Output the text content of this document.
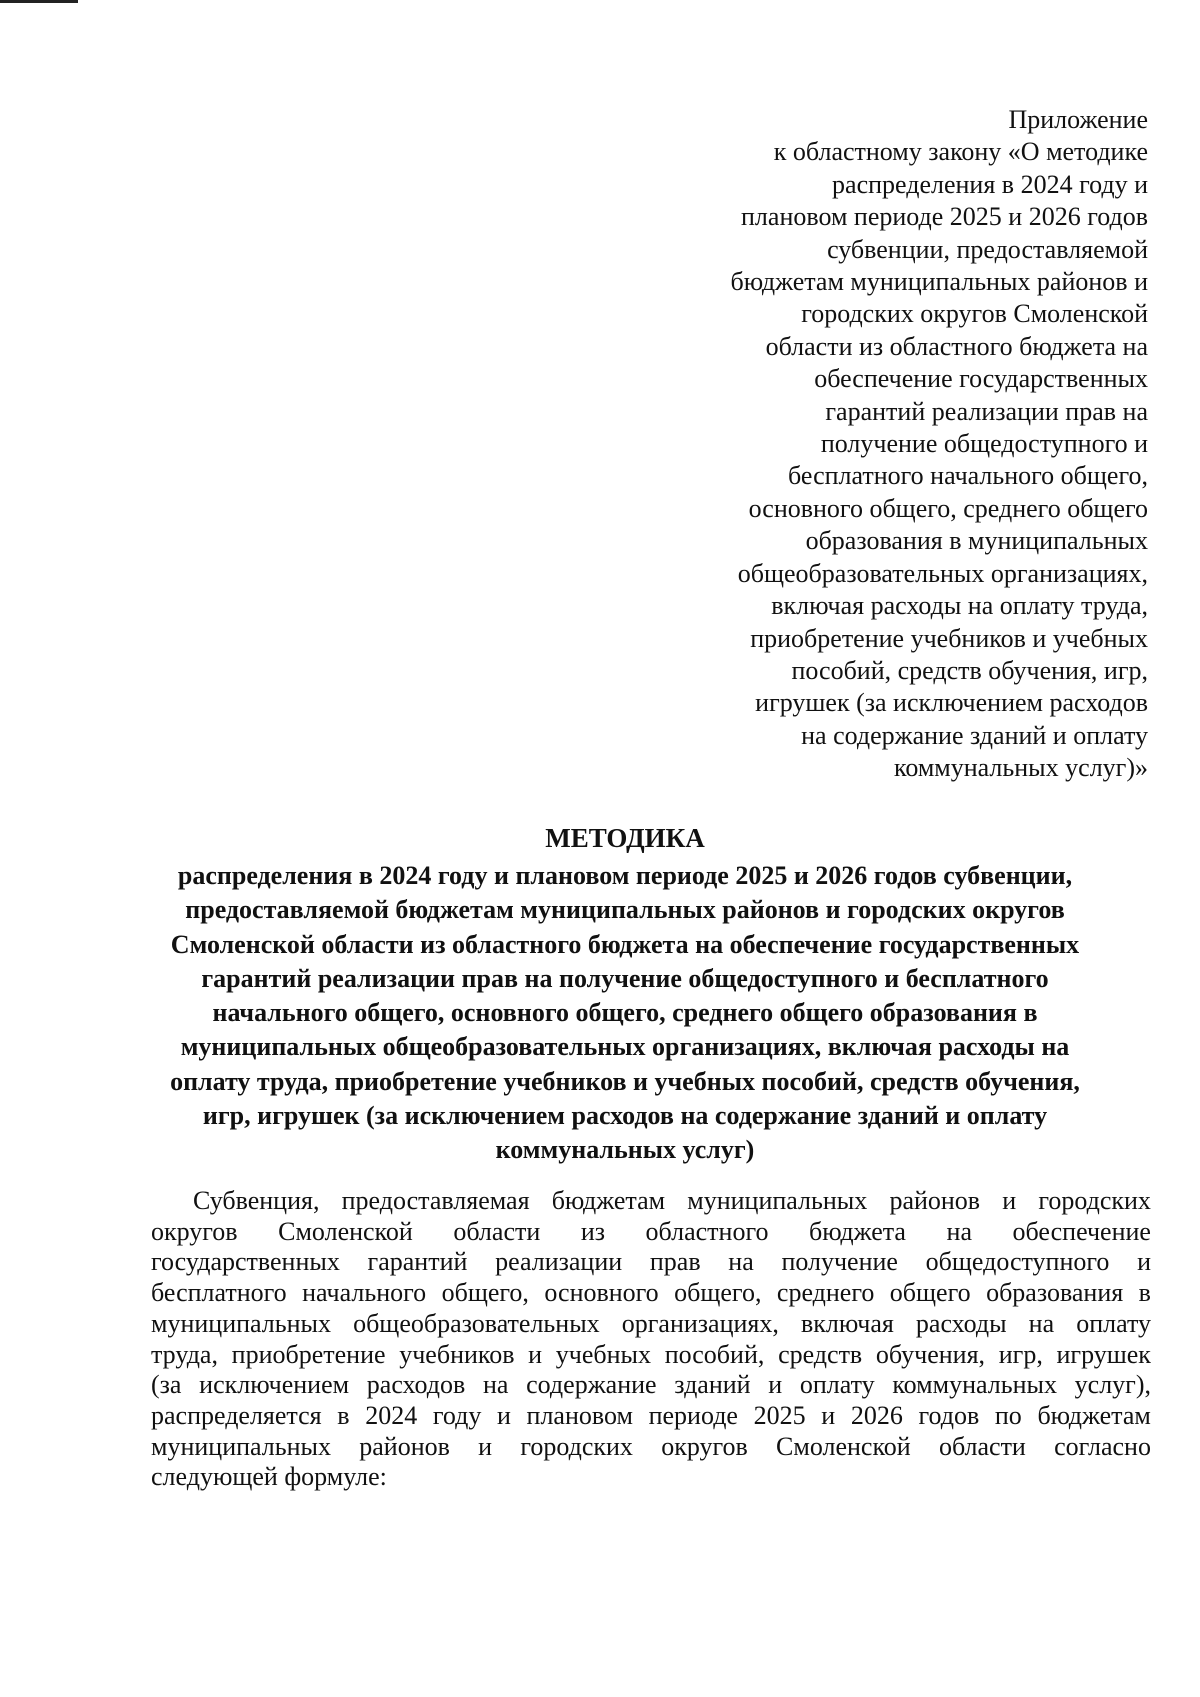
Приложение
к областному закону «О методике
распределения в 2024 году и
плановом периоде 2025 и 2026 годов
субвенции, предоставляемой
бюджетам муниципальных районов и
городских округов Смоленской
области из областного бюджета на
обеспечение государственных
гарантий реализации прав на
получение общедоступного и
бесплатного начального общего,
основного общего, среднего общего
образования в муниципальных
общеобразовательных организациях,
включая расходы на оплату труда,
приобретение учебников и учебных
пособий, средств обучения, игр,
игрушек (за исключением расходов
на содержание зданий и оплату
коммунальных услуг)»
МЕТОДИКА
распределения в 2024 году и плановом периоде 2025 и 2026 годов субвенции,
предоставляемой бюджетам муниципальных районов и городских округов
Смоленской области из областного бюджета на обеспечение государственных
гарантий реализации прав на получение общедоступного и бесплатного
начального общего, основного общего, среднего общего образования в
муниципальных общеобразовательных организациях, включая расходы на
оплату труда, приобретение учебников и учебных пособий, средств обучения,
игр, игрушек (за исключением расходов на содержание зданий и оплату
коммунальных услуг)
Субвенция, предоставляемая бюджетам муниципальных районов и городских
округов Смоленской области из областного бюджета на обеспечение
государственных гарантий реализации прав на получение общедоступного и
бесплатного начального общего, основного общего, среднего общего образования в
муниципальных общеобразовательных организациях, включая расходы на оплату
труда, приобретение учебников и учебных пособий, средств обучения, игр, игрушек
(за исключением расходов на содержание зданий и оплату коммунальных услуг),
распределяется в 2024 году и плановом периоде 2025 и 2026 годов по бюджетам
муниципальных районов и городских округов Смоленской области согласно
следующей формуле:
